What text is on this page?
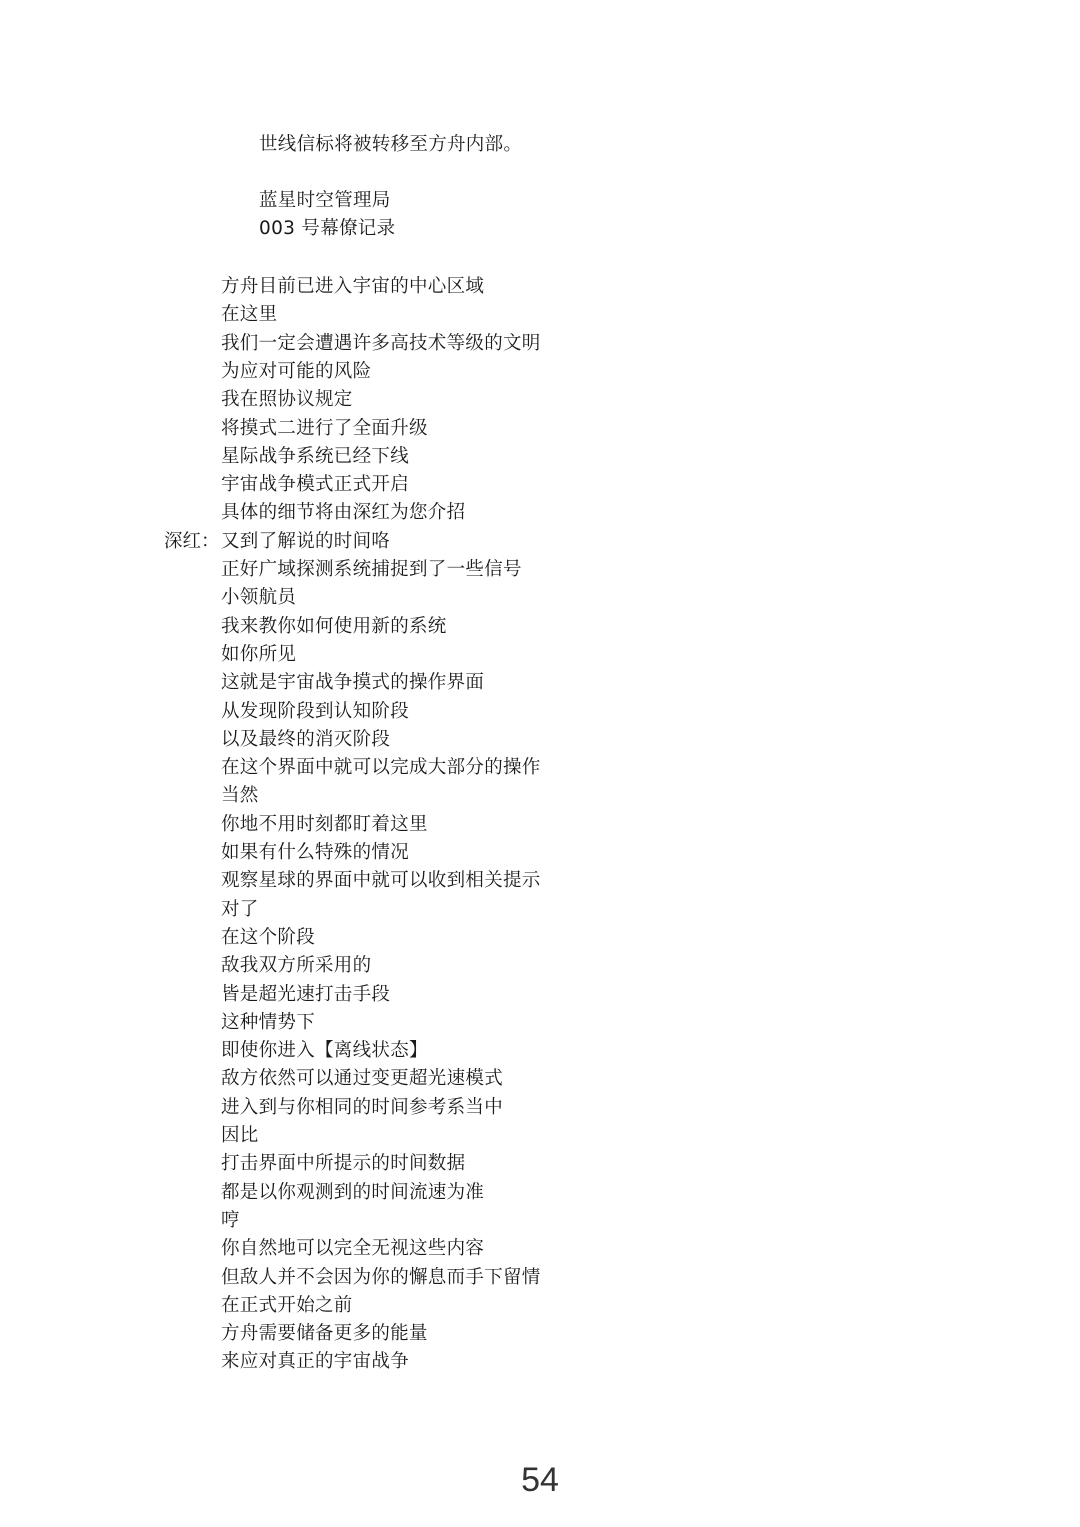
世线信标将被转移至方舟内部。
蓝星时空管理局
003 号幕僚记录
方舟目前已进入宇宙的中心区域
在这里
我们一定会遭遇许多高技术等级的文明
为应对可能的风险
我在照协议规定
将摸式二进行了全面升级
星际战争系统已经下线
宇宙战争模式正式开启
具体的细节将由深红为您介招
深红： 又到了解说的时间咯
正好广域探测系统捕捉到了一些信号
小领航员
我来教你如何使用新的系统
如你所见
这就是宇宙战争摸式的操作界面
从发现阶段到认知阶段
以及最终的消灭阶段
在这个界面中就可以完成大部分的操作
当然
你地不用时刻都盯着这里
如果有什么特殊的情况
观察星球的界面中就可以收到相关提示
对了
在这个阶段
敌我双方所采用的
皆是超光速打击手段
这种情势下
即使你进入【离线状态】
敌方依然可以通过变更超光速模式
进入到与你相同的时间参考系当中
因比
打击界面中所提示的时间数据
都是以你观测到的时间流速为准
哼
你自然地可以完全无视这些内容
但敌人并不会因为你的懈息而手下留情
在正式开始之前
方舟需要储备更多的能量
来应对真正的宇宙战争
54
